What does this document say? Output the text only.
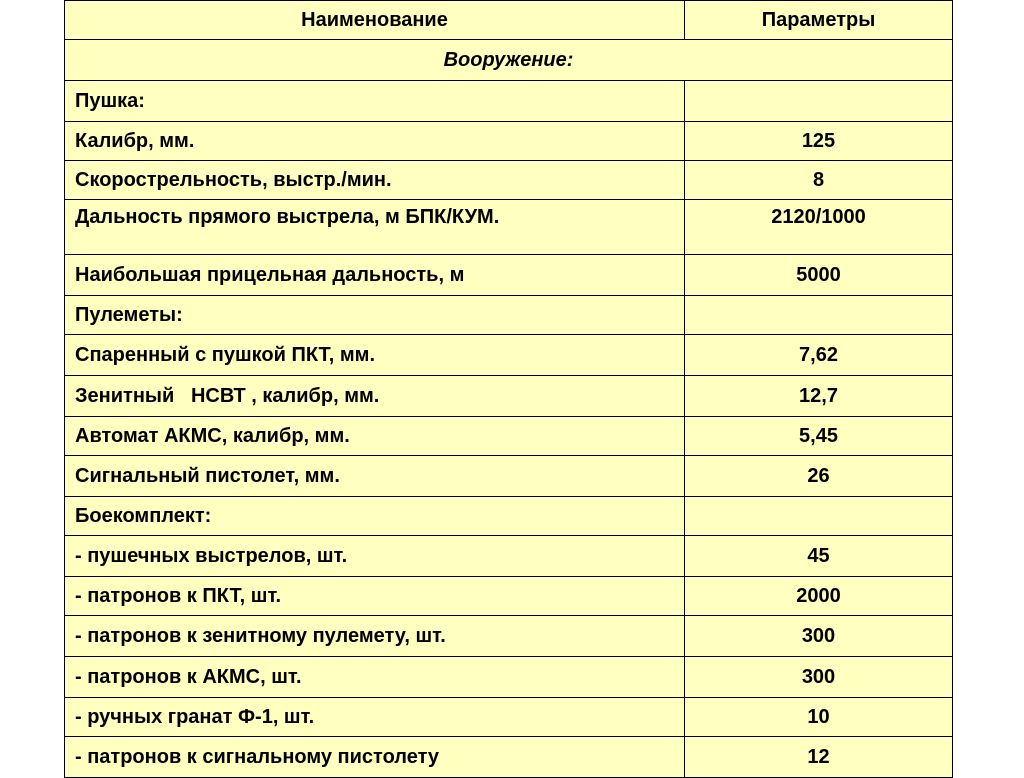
Наименование	Параметры
Вооружение:	
Пушка:	
Калибр, мм.	125
Скорострельность, выстр./мин.	8
Дальность прямого выстрела, м БПК/КУМ.	2120/1000
Наибольшая прицельная дальность, м	5000
Пулеметы:	
Спаренный с пушкой ПКТ, мм.	7,62
Зенитный   НСВТ , калибр, мм.	12,7
Автомат АКМС, калибр, мм.	5,45
Сигнальный пистолет, мм.	26
Боекомплект:	
- пушечных выстрелов, шт.	45
- патронов к ПКТ, шт.	2000
- патронов к зенитному пулемету, шт.	300
- патронов к АКМС, шт.	300
- ручных гранат Ф-1, шт.	10
- патронов к сигнальному пистолету	12
